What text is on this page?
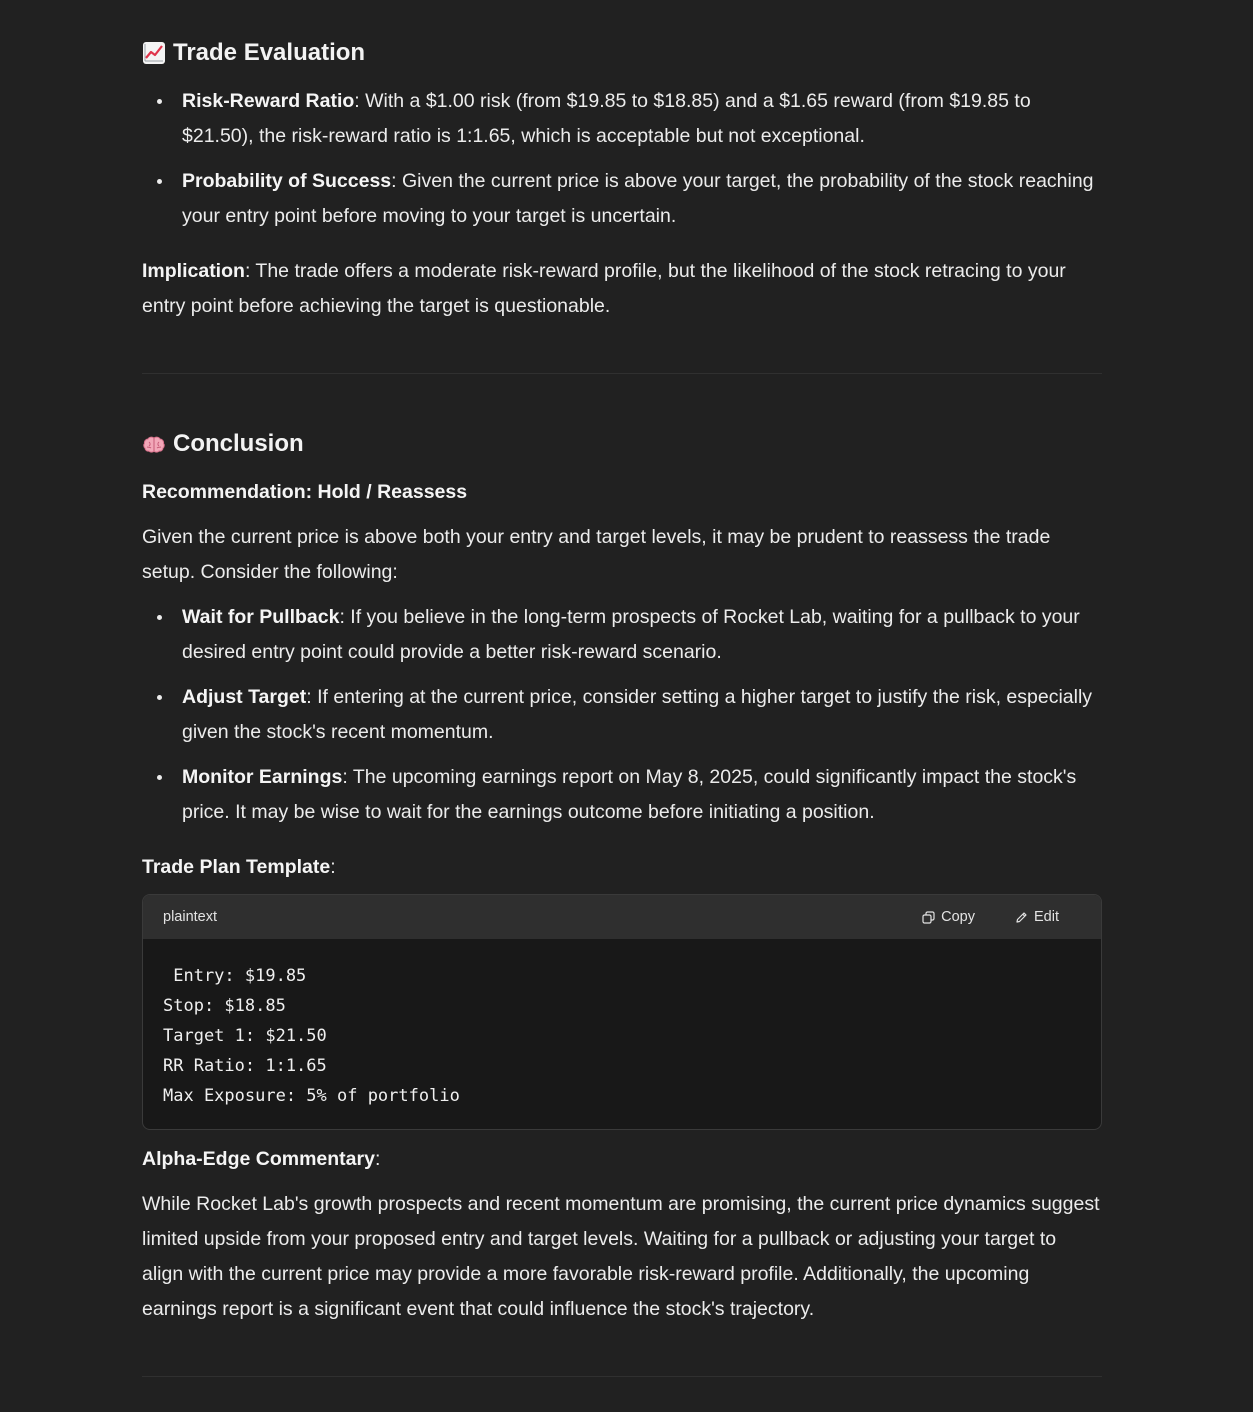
Trade Evaluation
Risk-Reward Ratio: With a $1.00 risk (from $19.85 to $18.85) and a $1.65 reward (from $19.85 to $21.50), the risk-reward ratio is 1:1.65, which is acceptable but not exceptional.
Probability of Success: Given the current price is above your target, the probability of the stock reaching your entry point before moving to your target is uncertain.

Implication: The trade offers a moderate risk-reward profile, but the likelihood of the stock retracing to your entry point before achieving the target is questionable.

Conclusion

Recommendation: Hold / Reassess

Given the current price is above both your entry and target levels, it may be prudent to reassess the trade setup. Consider the following:

Wait for Pullback: If you believe in the long-term prospects of Rocket Lab, waiting for a pullback to your desired entry point could provide a better risk-reward scenario.
Adjust Target: If entering at the current price, consider setting a higher target to justify the risk, especially given the stock's recent momentum.
Monitor Earnings: The upcoming earnings report on May 8, 2025, could significantly impact the stock's price. It may be wise to wait for the earnings outcome before initiating a position.

Trade Plan Template:

plaintext	Copy	Edit
Entry: $19.85
Stop: $18.85
Target 1: $21.50
RR Ratio: 1:1.65
Max Exposure: 5% of portfolio

Alpha-Edge Commentary:

While Rocket Lab's growth prospects and recent momentum are promising, the current price dynamics suggest limited upside from your proposed entry and target levels. Waiting for a pullback or adjusting your target to align with the current price may provide a more favorable risk-reward profile. Additionally, the upcoming earnings report is a significant event that could influence the stock's trajectory.
